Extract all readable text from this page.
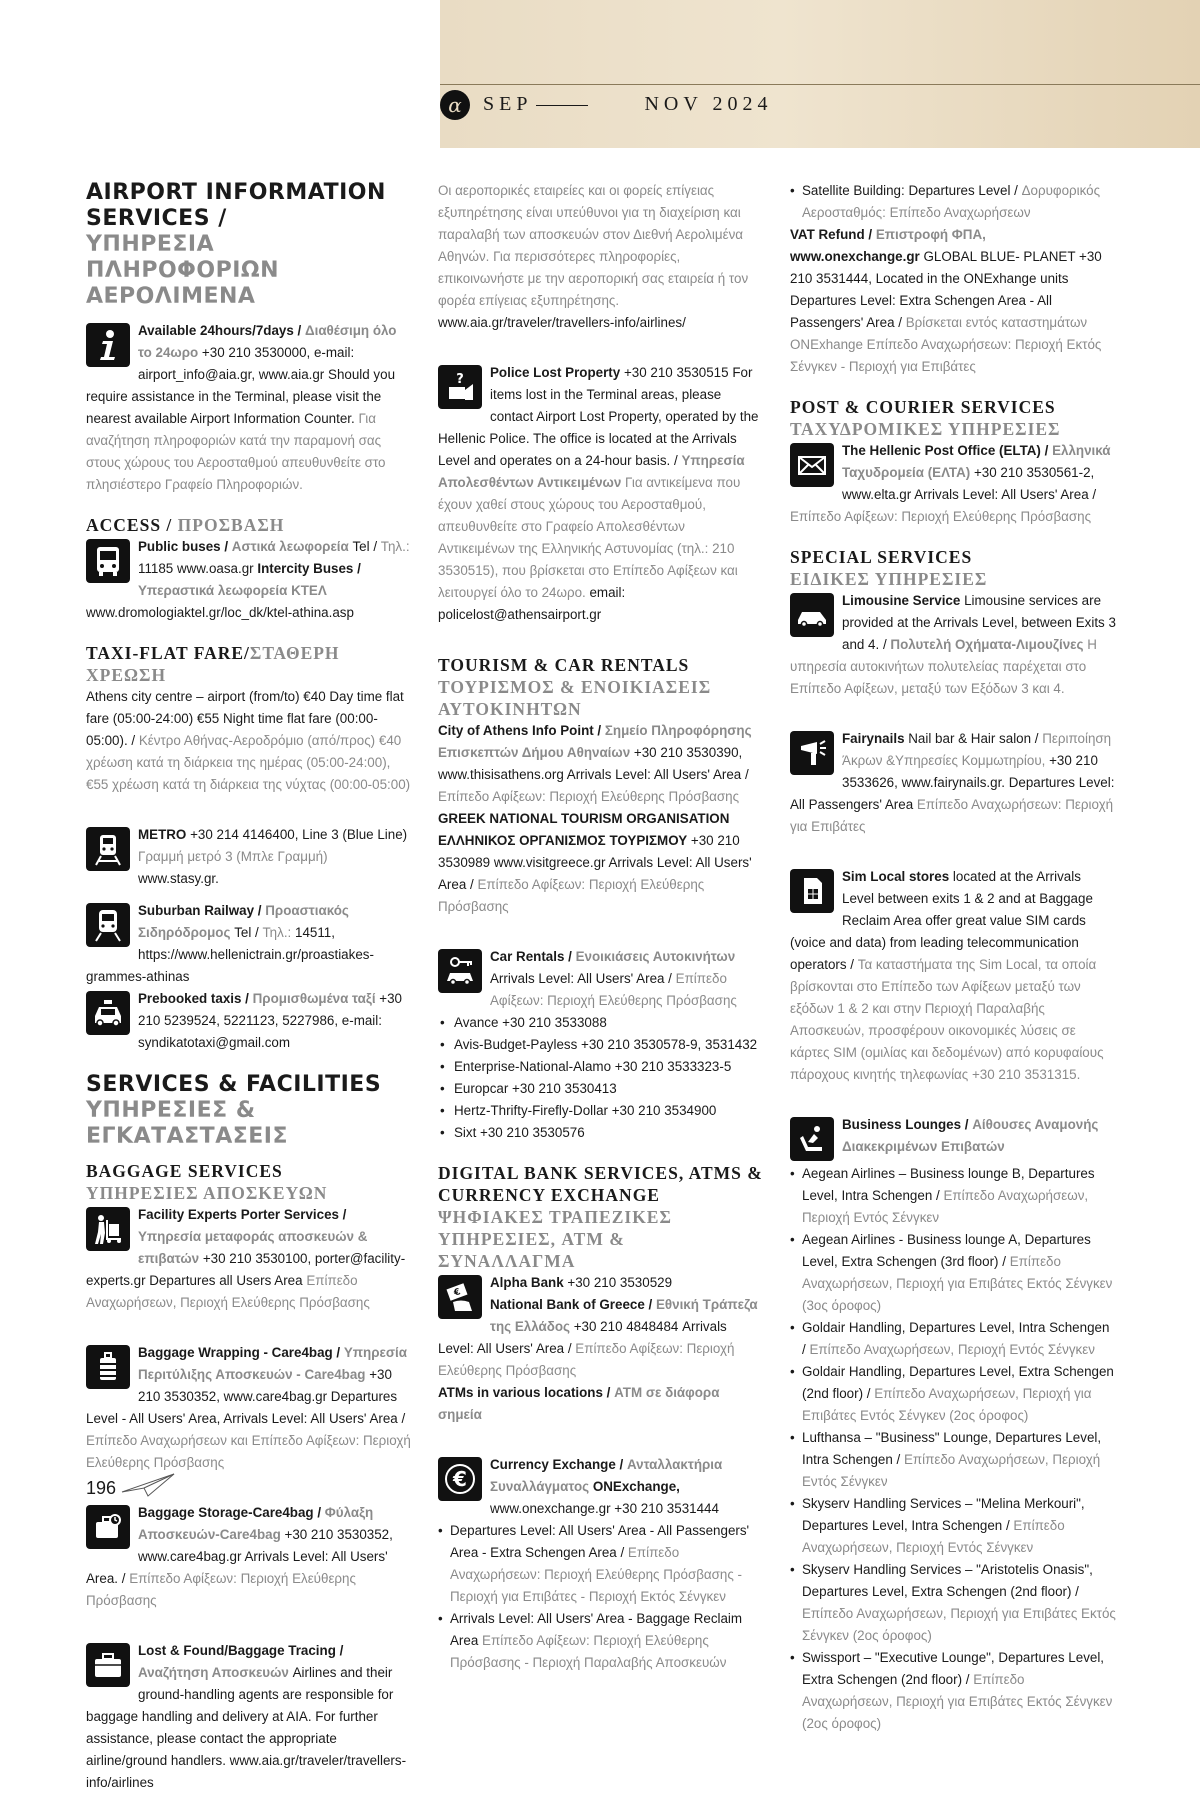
α	SEP	NOV 2024
AIRPORT INFORMATION SERVICES /
ΥΠΗΡΕΣΙΑ ΠΛΗΡΟΦΟΡΙΩΝ ΑΕΡΟΛΙΜΕΝΑ
Available 24hours/7days / Διαθέσιμη όλο το 24ωρο +30 210 3530000, e-mail: airport_info@aia.gr, www.aia.gr Should you require assistance in the Terminal, please visit the nearest available Airport Information Counter. Για αναζήτηση πληροφοριών κατά την παραμονή σας στους χώρους του Αεροσταθμού απευθυνθείτε στο πλησιέστερο Γραφείο Πληροφοριών.
ACCESS / ΠΡΟΣΒΑΣΗ
Public buses / Αστικά λεωφορεία Tel / Τηλ.: 11185 www.oasa.gr Intercity Buses / Υπεραστικά λεωφορεία ΚΤΕΛ www.dromologiaktel.gr/loc_dk/ktel-athina.asp
TAXI-FLAT FARE/ΣΤΑΘΕΡΗ ΧΡΕΩΣΗ
Athens city centre – airport (from/to) €40 Day time flat fare (05:00-24:00) €55 Night time flat fare (00:00-05:00). / Κέντρο Αθήνας-Αεροδρόμιο (από/προς) €40 χρέωση κατά τη διάρκεια της ημέρας (05:00-24:00), €55 χρέωση κατά τη διάρκεια της νύχτας (00:00-05:00)
METRO +30 214 4146400, Line 3 (Blue Line) Γραμμή μετρό 3 (Μπλε Γραμμή) www.stasy.gr.
Suburban Railway / Προαστιακός Σιδηρόδρομος Tel / Τηλ.: 14511, https://www.hellenictrain.gr/proastiakes-grammes-athinas
Prebooked taxis / Προμισθωμένα ταξί +30 210 5239524, 5221123, 5227986, e-mail: syndikatotaxi@gmail.com
SERVICES & FACILITIES
ΥΠΗΡΕΣΙΕΣ & ΕΓΚΑΤΑΣΤΑΣΕΙΣ
BAGGAGE SERVICES
ΥΠΗΡΕΣΙΕΣ ΑΠΟΣΚΕΥΩΝ
Facility Experts Porter Services / Υπηρεσία μεταφοράς αποσκευών & επιβατών +30 210 3530100, porter@facility-experts.gr Departures all Users Area Επίπεδο Αναχωρήσεων, Περιοχή Ελεύθερης Πρόσβασης
Baggage Wrapping - Care4bag / Υπηρεσία Περιτύλιξης Αποσκευών - Care4bag +30 210 3530352, www.care4bag.gr Departures Level - All Users' Area, Arrivals Level: All Users' Area / Επίπεδο Αναχωρήσεων και Επίπεδο Αφίξεων: Περιοχή Ελεύθερης Πρόσβασης
Baggage Storage-Care4bag / Φύλαξη Αποσκευών-Care4bag +30 210 3530352, www.care4bag.gr Arrivals Level: All Users' Area. / Επίπεδο Αφίξεων: Περιοχή Ελεύθερης Πρόσβασης
Lost & Found/Baggage Tracing / Αναζήτηση Αποσκευών Airlines and their ground-handling agents are responsible for baggage handling and delivery at AIA. For further assistance, please contact the appropriate airline/ground handlers. www.aia.gr/traveler/travellers-info/airlines
Οι αεροπορικές εταιρείες και οι φορείς επίγειας εξυπηρέτησης είναι υπεύθυνοι για τη διαχείριση και παραλαβή των αποσκευών στον Διεθνή Αερολιμένα Αθηνών. Για περισσότερες πληροφορίες, επικοινωνήστε με την αεροπορική σας εταιρεία ή τον φορέα επίγειας εξυπηρέτησης. www.aia.gr/traveler/travellers-info/airlines/
? Police Lost Property +30 210 3530515 For items lost in the Terminal areas, please contact Airport Lost Property, operated by the Hellenic Police. The office is located at the Arrivals Level and operates on a 24-hour basis. / Υπηρεσία Απολεσθέντων Αντικειμένων Για αντικείμενα που έχουν χαθεί στους χώρους του Αεροσταθμού, απευθυνθείτε στο Γραφείο Απολεσθέντων Αντικειμένων της Ελληνικής Αστυνομίας (τηλ.: 210 3530515), που βρίσκεται στο Επίπεδο Αφίξεων και λειτουργεί όλο το 24ωρο. email: policelost@athensairport.gr
TOURISM & CAR RENTALS
ΤΟΥΡΙΣΜΟΣ & ΕΝΟΙΚΙΑΣΕΙΣ ΑΥΤΟΚΙΝΗΤΩΝ
City of Athens Info Point / Σημείο Πληροφόρησης Επισκεπτών Δήμου Αθηναίων +30 210 3530390, www.thisisathens.org Arrivals Level: All Users' Area / Επίπεδο Αφίξεων: Περιοχή Ελεύθερης Πρόσβασης
GREEK NATIONAL TOURISM ORGANISATION ΕΛΛΗΝΙΚΟΣ ΟΡΓΑΝΙΣΜΟΣ ΤΟΥΡΙΣΜΟΥ +30 210 3530989 www.visitgreece.gr Arrivals Level: All Users' Area / Επίπεδο Αφίξεων: Περιοχή Ελεύθερης Πρόσβασης
Car Rentals / Ενοικιάσεις Αυτοκινήτων Arrivals Level: All Users' Area / Επίπεδο Αφίξεων: Περιοχή Ελεύθερης Πρόσβασης
• Avance +30 210 3533088
• Avis-Budget-Payless +30 210 3530578-9, 3531432
• Enterprise-National-Alamo +30 210 3533323-5
• Europcar +30 210 3530413
• Hertz-Thrifty-Firefly-Dollar +30 210 3534900
• Sixt +30 210 3530576
DIGITAL BANK SERVICES, ATMS & CURRENCY EXCHANGE
ΨΗΦΙΑΚΕΣ ΤΡΑΠΕΖΙΚΕΣ ΥΠΗΡΕΣΙΕΣ, ATM & ΣΥΝΑΛΛΑΓΜΑ
€
Alpha Bank +30 210 3530529
National Bank of Greece / Εθνική Τράπεζα της Ελλάδος +30 210 4848484 Arrivals Level: All Users' Area / Επίπεδο Αφίξεων: Περιοχή Ελεύθερης Πρόσβασης
ATMs in various locations / ATM σε διάφορα σημεία
€
Currency Exchange / Ανταλλακτήρια Συναλλάγματος ONExchange, www.onexchange.gr +30 210 3531444
• Departures Level: All Users' Area - All Passengers' Area - Extra Schengen Area / Επίπεδο Αναχωρήσεων: Περιοχή Ελεύθερης Πρόσβασης - Περιοχή για Επιβάτες - Περιοχή Εκτός Σένγκεν
• Arrivals Level: All Users' Area - Baggage Reclaim Area Επίπεδο Αφίξεων: Περιοχή Ελεύθερης Πρόσβασης - Περιοχή Παραλαβής Αποσκευών
• Satellite Building: Departures Level / Δορυφορικός Αεροσταθμός: Επίπεδο Αναχωρήσεων
VAT Refund / Επιστροφή ΦΠΑ, www.onexchange.gr GLOBAL BLUE- PLANET +30 210 3531444, Located in the ONExhange units Departures Level: Extra Schengen Area - All Passengers' Area / Βρίσκεται εντός καταστημάτων ONExhange Επίπεδο Αναχωρήσεων: Περιοχή Εκτός Σένγκεν - Περιοχή για Επιβάτες
POST & COURIER SERVICES
ΤΑΧΥΔΡΟΜΙΚΕΣ ΥΠΗΡΕΣΙΕΣ
The Hellenic Post Office (ELTA) / Ελληνικά Ταχυδρομεία (ΕΛΤΑ) +30 210 3530561-2, www.elta.gr Arrivals Level: All Users' Area / Επίπεδο Αφίξεων: Περιοχή Ελεύθερης Πρόσβασης
SPECIAL SERVICES
ΕΙΔΙΚΕΣ ΥΠΗΡΕΣΙΕΣ
Limousine Service Limousine services are provided at the Arrivals Level, between Exits 3 and 4. / Πολυτελή Οχήματα-Λιμουζίνες Η υπηρεσία αυτοκινήτων πολυτελείας παρέχεται στο Επίπεδο Αφίξεων, μεταξύ των Εξόδων 3 και 4.
Fairynails Nail bar & Hair salon / Περιποίηση Άκρων &Υπηρεσίες Κομμωτηρίου, +30 210 3533626, www.fairynails.gr. Departures Level: All Passengers' Area Επίπεδο Αναχωρήσεων: Περιοχή για Επιβάτες
Sim Local stores located at the Arrivals Level between exits 1 & 2 and at Baggage Reclaim Area offer great value SIM cards (voice and data) from leading telecommunication operators / Τα καταστήματα της Sim Local, τα οποία βρίσκονται στο Επίπεδο των Αφίξεων μεταξύ των εξόδων 1 & 2 και στην Περιοχή Παραλαβής Αποσκευών, προσφέρουν οικονομικές λύσεις σε κάρτες SIM (ομιλίας και δεδομένων) από κορυφαίους πάροχους κινητής τηλεφωνίας +30 210 3531315.
Business Lounges / Αίθουσες Αναμονής Διακεκριμένων Επιβατών
• Aegean Airlines – Business lounge B, Departures Level, Intra Schengen / Επίπεδο Αναχωρήσεων, Περιοχή Εντός Σένγκεν
• Aegean Airlines - Business lounge A, Departures Level, Extra Schengen (3rd floor) / Επίπεδο Αναχωρήσεων, Περιοχή για Επιβάτες Εκτός Σένγκεν (3ος όροφος)
• Goldair Handling, Departures Level, Intra Schengen / Επίπεδο Αναχωρήσεων, Περιοχή Εντός Σένγκεν
• Goldair Handling, Departures Level, Extra Schengen (2nd floor) / Επίπεδο Αναχωρήσεων, Περιοχή για Επιβάτες Εντός Σένγκεν (2ος όροφος)
• Lufthansa – "Business" Lounge, Departures Level, Intra Schengen / Επίπεδο Αναχωρήσεων, Περιοχή Εντός Σένγκεν
• Skyserv Handling Services – "Melina Merkouri", Departures Level, Intra Schengen / Επίπεδο Αναχωρήσεων, Περιοχή Εντός Σένγκεν
• Skyserv Handling Services – "Aristotelis Onasis", Departures Level, Extra Schengen (2nd floor) / Επίπεδο Αναχωρήσεων, Περιοχή για Επιβάτες Εκτός Σένγκεν (2ος όροφος)
• Swissport – "Executive Lounge", Departures Level, Extra Schengen (2nd floor) / Επίπεδο Αναχωρήσεων, Περιοχή για Επιβάτες Εκτός Σένγκεν (2ος όροφος)
196
